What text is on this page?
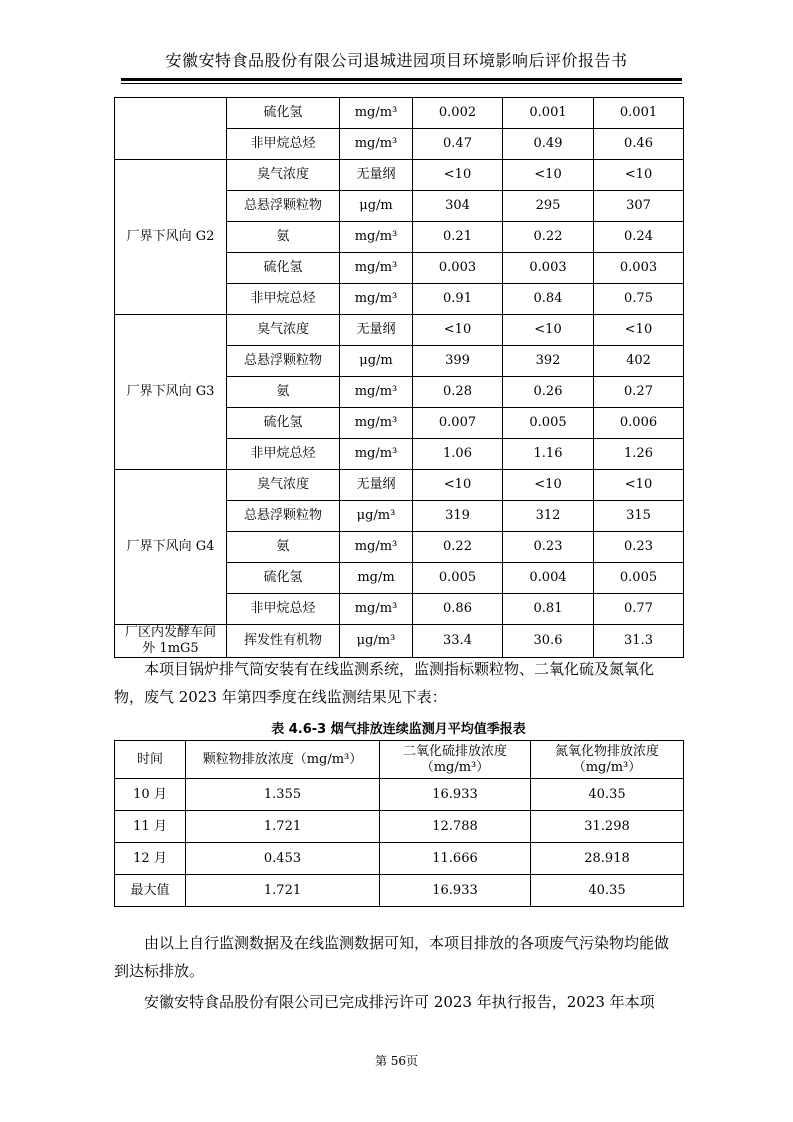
安徽安特食品股份有限公司退城进园项目环境影响后评价报告书
	硫化氢	mg/m³	0.002	0.001	0.001
	非甲烷总烃	mg/m³	0.47	0.49	0.46
厂界下风向 G2	臭气浓度	无量纲	<10	<10	<10
	总悬浮颗粒物	μg/m	304	295	307
	氨	mg/m³	0.21	0.22	0.24
	硫化氢	mg/m³	0.003	0.003	0.003
	非甲烷总烃	mg/m³	0.91	0.84	0.75
厂界下风向 G3	臭气浓度	无量纲	<10	<10	<10
	总悬浮颗粒物	μg/m	399	392	402
	氨	mg/m³	0.28	0.26	0.27
	硫化氢	mg/m³	0.007	0.005	0.006
	非甲烷总烃	mg/m³	1.06	1.16	1.26
厂界下风向 G4	臭气浓度	无量纲	<10	<10	<10
	总悬浮颗粒物	μg/m³	319	312	315
	氨	mg/m³	0.22	0.23	0.23
	硫化氢	mg/m	0.005	0.004	0.005
	非甲烷总烃	mg/m³	0.86	0.81	0.77
厂区内发酵车间
外 1mG5	挥发性有机物	μg/m³	33.4	30.6	31.3
本项目锅炉排气筒安装有在线监测系统，监测指标颗粒物、二氧化硫及氮氧化物，废气 2023 年第四季度在线监测结果见下表：
表 4.6-3 烟气排放连续监测月平均值季报表
时间	颗粒物排放浓度（mg/m³）	二氧化硫排放浓度
（mg/m³）	氮氧化物排放浓度
（mg/m³）
10 月	1.355	16.933	40.35
11 月	1.721	12.788	31.298
12 月	0.453	11.666	28.918
最大值	1.721	16.933	40.35
由以上自行监测数据及在线监测数据可知，本项目排放的各项废气污染物均能做到达标排放。
安徽安特食品股份有限公司已完成排污许可 2023 年执行报告，2023 年本项
第 56页
